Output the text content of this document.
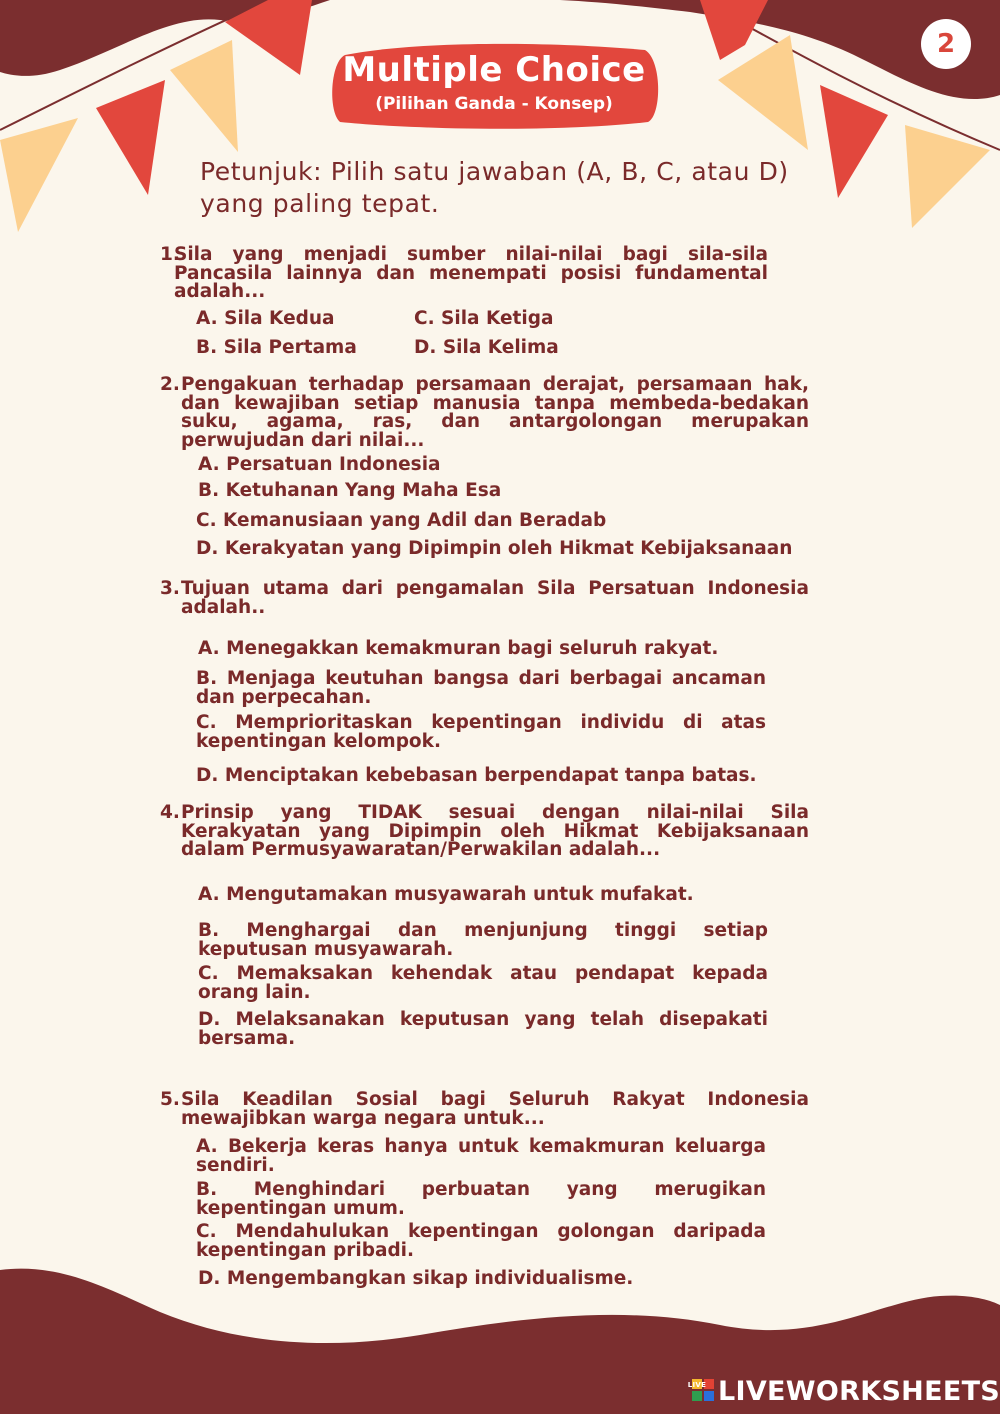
2
Multiple Choice
(Pilihan Ganda - Konsep)
Petunjuk: Pilih satu jawaban (A, B, C, atau D) yang paling tepat.
1.
Sila yang menjadi sumber nilai-nilai bagi sila-sila Pancasila lainnya dan menempati posisi fundamental adalah...
A. Sila Kedua	C. Sila Ketiga
B. Sila Pertama	D. Sila Kelima
2. Pengakuan terhadap persamaan derajat, persamaan hak, dan kewajiban setiap manusia tanpa membeda-bedakan suku, agama, ras, dan antargolongan merupakan perwujudan dari nilai...
A. Persatuan Indonesia
B. Ketuhanan Yang Maha Esa
C. Kemanusiaan yang Adil dan Beradab
D. Kerakyatan yang Dipimpin oleh Hikmat Kebijaksanaan
3. Tujuan utama dari pengamalan Sila Persatuan Indonesia adalah..
A. Menegakkan kemakmuran bagi seluruh rakyat.
B. Menjaga keutuhan bangsa dari berbagai ancaman dan perpecahan.
C. Memprioritaskan kepentingan individu di atas kepentingan kelompok.
D. Menciptakan kebebasan berpendapat tanpa batas.
4. Prinsip yang TIDAK sesuai dengan nilai-nilai Sila Kerakyatan yang Dipimpin oleh Hikmat Kebijaksanaan dalam Permusyawaratan/Perwakilan adalah...
A. Mengutamakan musyawarah untuk mufakat.
B. Menghargai dan menjunjung tinggi setiap keputusan musyawarah.
C. Memaksakan kehendak atau pendapat kepada orang lain.
D. Melaksanakan keputusan yang telah disepakati bersama.
5. Sila Keadilan Sosial bagi Seluruh Rakyat Indonesia mewajibkan warga negara untuk...
A. Bekerja keras hanya untuk kemakmuran keluarga sendiri.
B. Menghindari perbuatan yang merugikan kepentingan umum.
C. Mendahulukan kepentingan golongan daripada kepentingan pribadi.
D. Mengembangkan sikap individualisme.
LIVE LIVEWORKSHEETS
